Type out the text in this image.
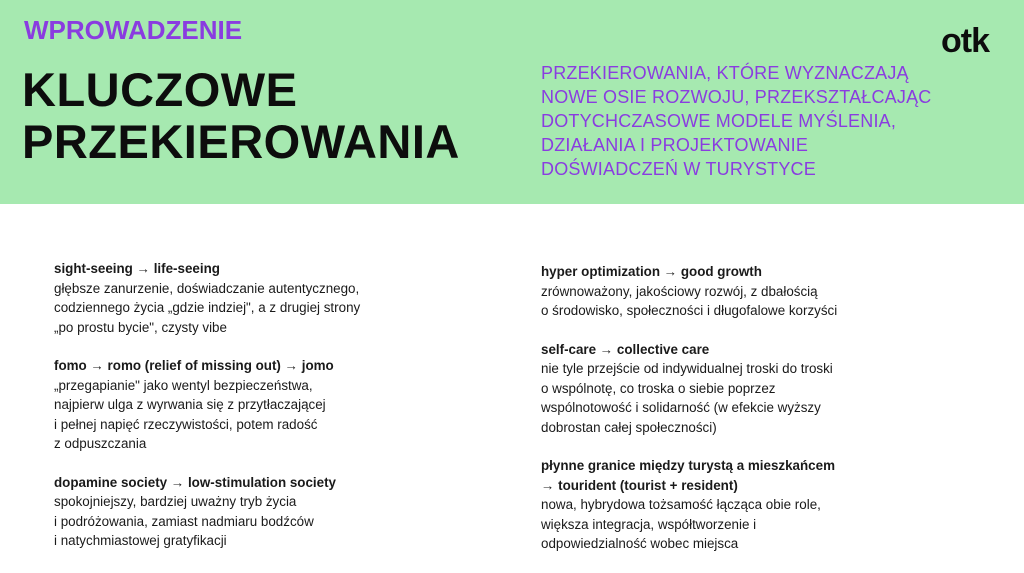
WPROWADZENIE
KLUCZOWE
PRZEKIEROWANIA
PRZEKIEROWANIA, KTÓRE WYZNACZAJĄ
NOWE OSIE ROZWOJU, PRZEKSZTAŁCAJĄC
DOTYCHCZASOWE MODELE MYŚLENIA,
DZIAŁANIA I PROJEKTOWANIE
DOŚWIADCZEŃ W TURYSTYCE
otk
sight-seeing → life-seeing
głębsze zanurzenie, doświadczanie autentycznego,
codziennego życia „gdzie indziej", a z drugiej strony
„po prostu bycie", czysty vibe
fomo → romo (relief of missing out) → jomo
„przegapianie" jako wentyl bezpieczeństwa,
najpierw ulga z wyrwania się z przytłaczającej
i pełnej napięć rzeczywistości, potem radość
z odpuszczania
dopamine society → low-stimulation society
spokojniejszy, bardziej uważny tryb życia
i podróżowania, zamiast nadmiaru bodźców
i natychmiastowej gratyfikacji
hyper optimization → good growth
zrównoważony, jakościowy rozwój, z dbałością
o środowisko, społeczności i długofalowe korzyści
self-care → collective care
nie tyle przejście od indywidualnej troski do troski
o wspólnotę, co troska o siebie poprzez
wspólnotowość i solidarność (w efekcie wyższy
dobrostan całej społeczności)
płynne granice między turystą a mieszkańcem
→ tourident (tourist + resident)
nowa, hybrydowa tożsamość łącząca obie role,
większa integracja, współtworzenie i
odpowiedzialność wobec miejsca
